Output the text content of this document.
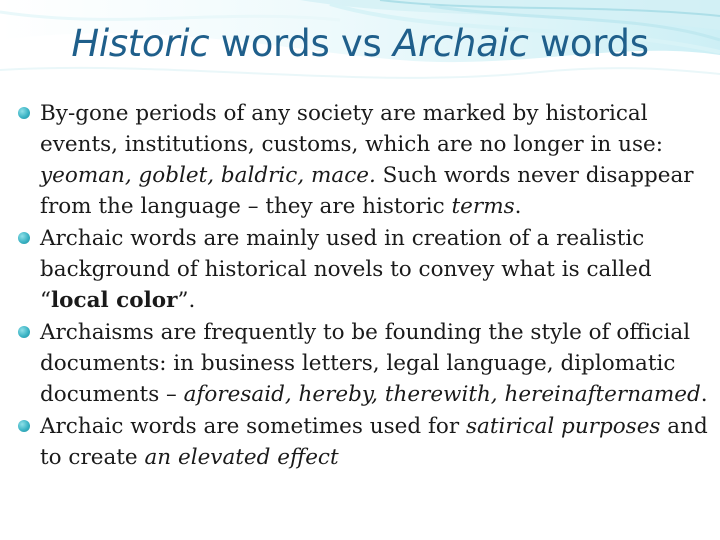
Historic words vs Archaic words
By-gone periods of any society are marked by historical events, institutions, customs, which are no longer in use: yeoman, goblet, baldric, mace. Such words never disappear from the language – they are historic terms.
Archaic words are mainly used in creation of a realistic background of historical novels to convey what is called “local color”.
Archaisms are frequently to be founding the style of official documents: in business letters, legal language, diplomatic documents – aforesaid, hereby, therewith, hereinafternamed.
Archaic words are sometimes used for satirical purposes and to create an elevated effect
